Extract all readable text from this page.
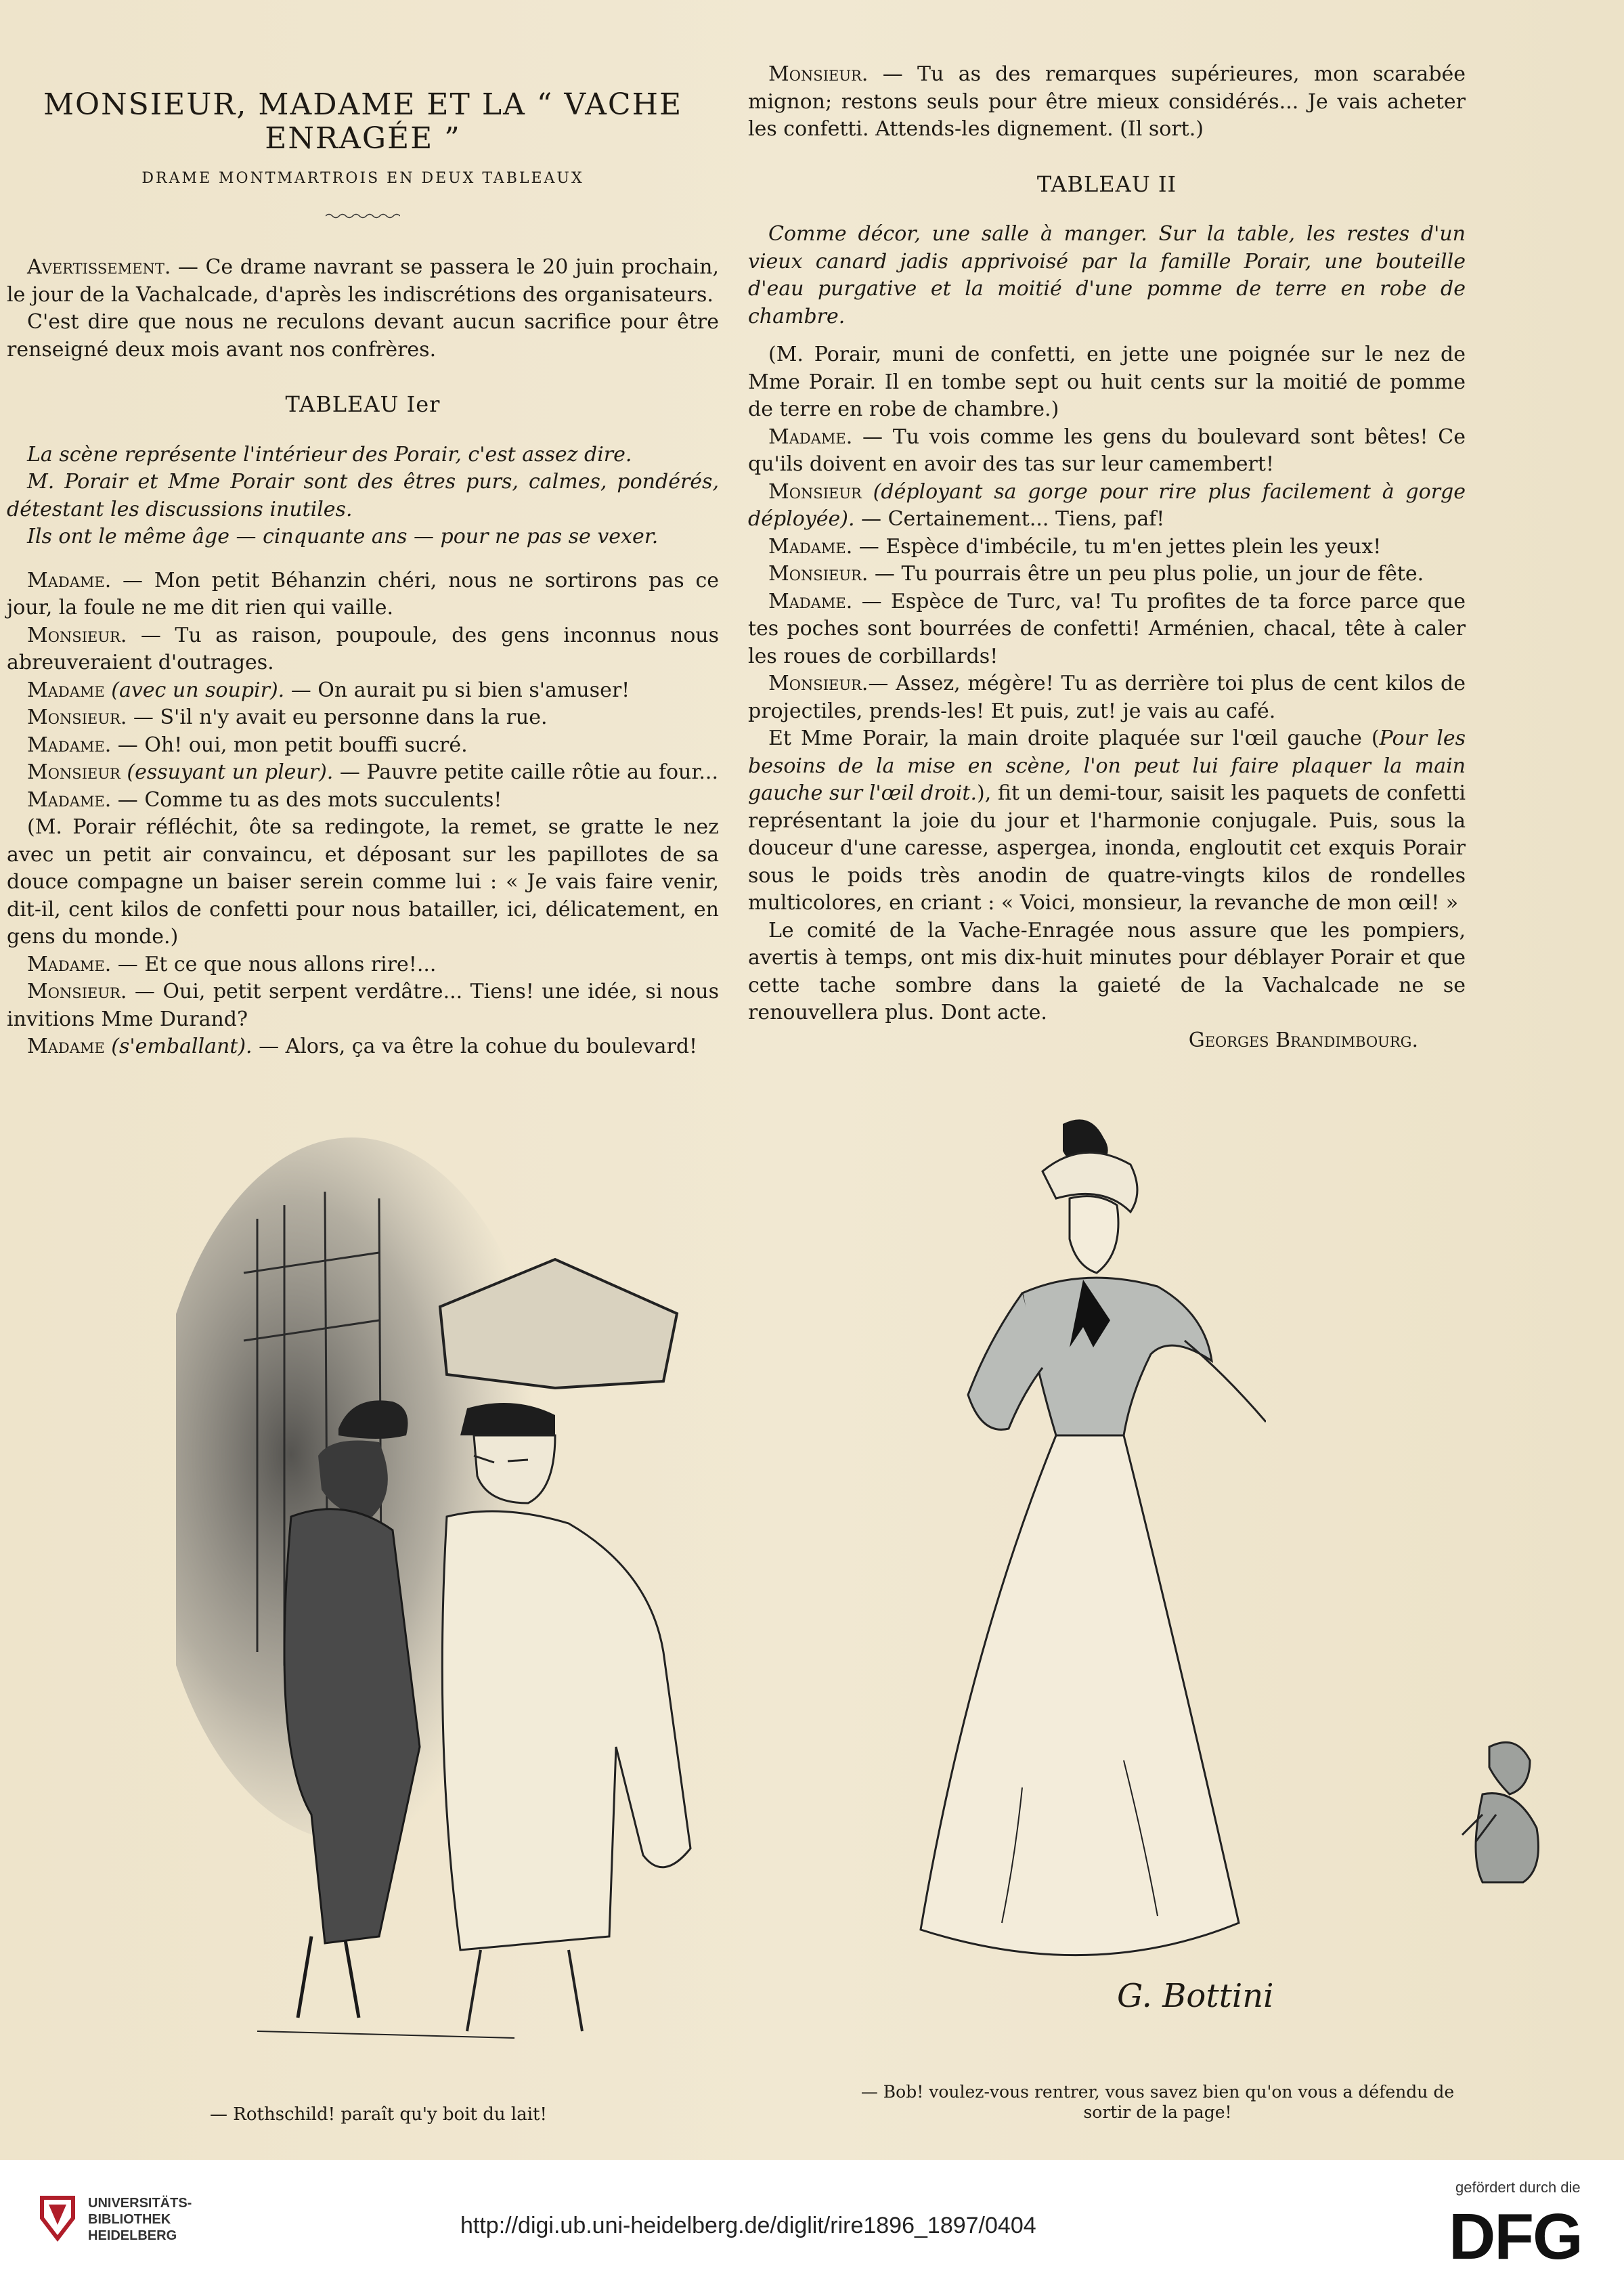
MONSIEUR, MADAME ET LA “ VACHE ENRAGÉE ”
DRAME MONTMARTROIS EN DEUX TABLEAUX

Avertissement. — Ce drame navrant se passera le 20 juin prochain, le jour de la Vachalcade, d'après les indiscrétions des organisateurs.

C'est dire que nous ne reculons devant aucun sacrifice pour être renseigné deux mois avant nos confrères.

TABLEAU Ier

La scène représente l'intérieur des Porair, c'est assez dire.

M. Porair et Mme Porair sont des êtres purs, calmes, pondérés, détestant les discussions inutiles.

Ils ont le même âge — cinquante ans — pour ne pas se vexer.

Madame. — Mon petit Béhanzin chéri, nous ne sortirons pas ce jour, la foule ne me dit rien qui vaille.

Monsieur. — Tu as raison, poupoule, des gens inconnus nous abreuveraient d'outrages.

Madame (avec un soupir). — On aurait pu si bien s'amuser!

Monsieur. — S'il n'y avait eu personne dans la rue.

Madame. — Oh! oui, mon petit bouffi sucré.

Monsieur (essuyant un pleur). — Pauvre petite caille rôtie au four...

Madame. — Comme tu as des mots succulents!

(M. Porair réfléchit, ôte sa redingote, la remet, se gratte le nez avec un petit air convaincu, et déposant sur les papillotes de sa douce compagne un baiser serein comme lui : « Je vais faire venir, dit-il, cent kilos de confetti pour nous batailler, ici, délicatement, en gens du monde.)

Madame. — Et ce que nous allons rire!...

Monsieur. — Oui, petit serpent verdâtre... Tiens! une idée, si nous invitions Mme Durand?

Madame (s'emballant). — Alors, ça va être la cohue du boulevard!

Monsieur. — Tu as des remarques supérieures, mon scarabée mignon; restons seuls pour être mieux considérés... Je vais acheter les confetti. Attends-les dignement. (Il sort.)

TABLEAU II

Comme décor, une salle à manger. Sur la table, les restes d'un vieux canard jadis apprivoisé par la famille Porair, une bouteille d'eau purgative et la moitié d'une pomme de terre en robe de chambre.

(M. Porair, muni de confetti, en jette une poignée sur le nez de Mme Porair. Il en tombe sept ou huit cents sur la moitié de pomme de terre en robe de chambre.)

Madame. — Tu vois comme les gens du boulevard sont bêtes! Ce qu'ils doivent en avoir des tas sur leur camembert!

Monsieur (déployant sa gorge pour rire plus facilement à gorge déployée). — Certainement... Tiens, paf!

Madame. — Espèce d'imbécile, tu m'en jettes plein les yeux!

Monsieur. — Tu pourrais être un peu plus polie, un jour de fête.

Madame. — Espèce de Turc, va! Tu profites de ta force parce que tes poches sont bourrées de confetti! Arménien, chacal, tête à caler les roues de corbillards!

Monsieur.— Assez, mégère! Tu as derrière toi plus de cent kilos de projectiles, prends-les! Et puis, zut! je vais au café.

Et Mme Porair, la main droite plaquée sur l'œil gauche (Pour les besoins de la mise en scène, l'on peut lui faire plaquer la main gauche sur l'œil droit.), fit un demi-tour, saisit les paquets de confetti représentant la joie du jour et l'harmonie conjugale. Puis, sous la douceur d'une caresse, aspergea, inonda, engloutit cet exquis Porair sous le poids très anodin de quatre-vingts kilos de rondelles multicolores, en criant : « Voici, monsieur, la revanche de mon œil! »

Le comité de la Vache-Enragée nous assure que les pompiers, avertis à temps, ont mis dix-huit minutes pour déblayer Porair et que cette tache sombre dans la gaieté de la Vachalcade ne se renouvellera plus. Dont acte.

Georges Brandimbourg.
— Rothschild! paraît qu'y boit du lait!
G. Bottini
— Bob! voulez-vous rentrer, vous savez bien qu'on vous a défendu de sortir de la page!
UNIVERSITÄTS-
BIBLIOTHEK
HEIDELBERG	http://digi.ub.uni-heidelberg.de/diglit/rire1896_1897/0404
gefördert durch die
DFG
